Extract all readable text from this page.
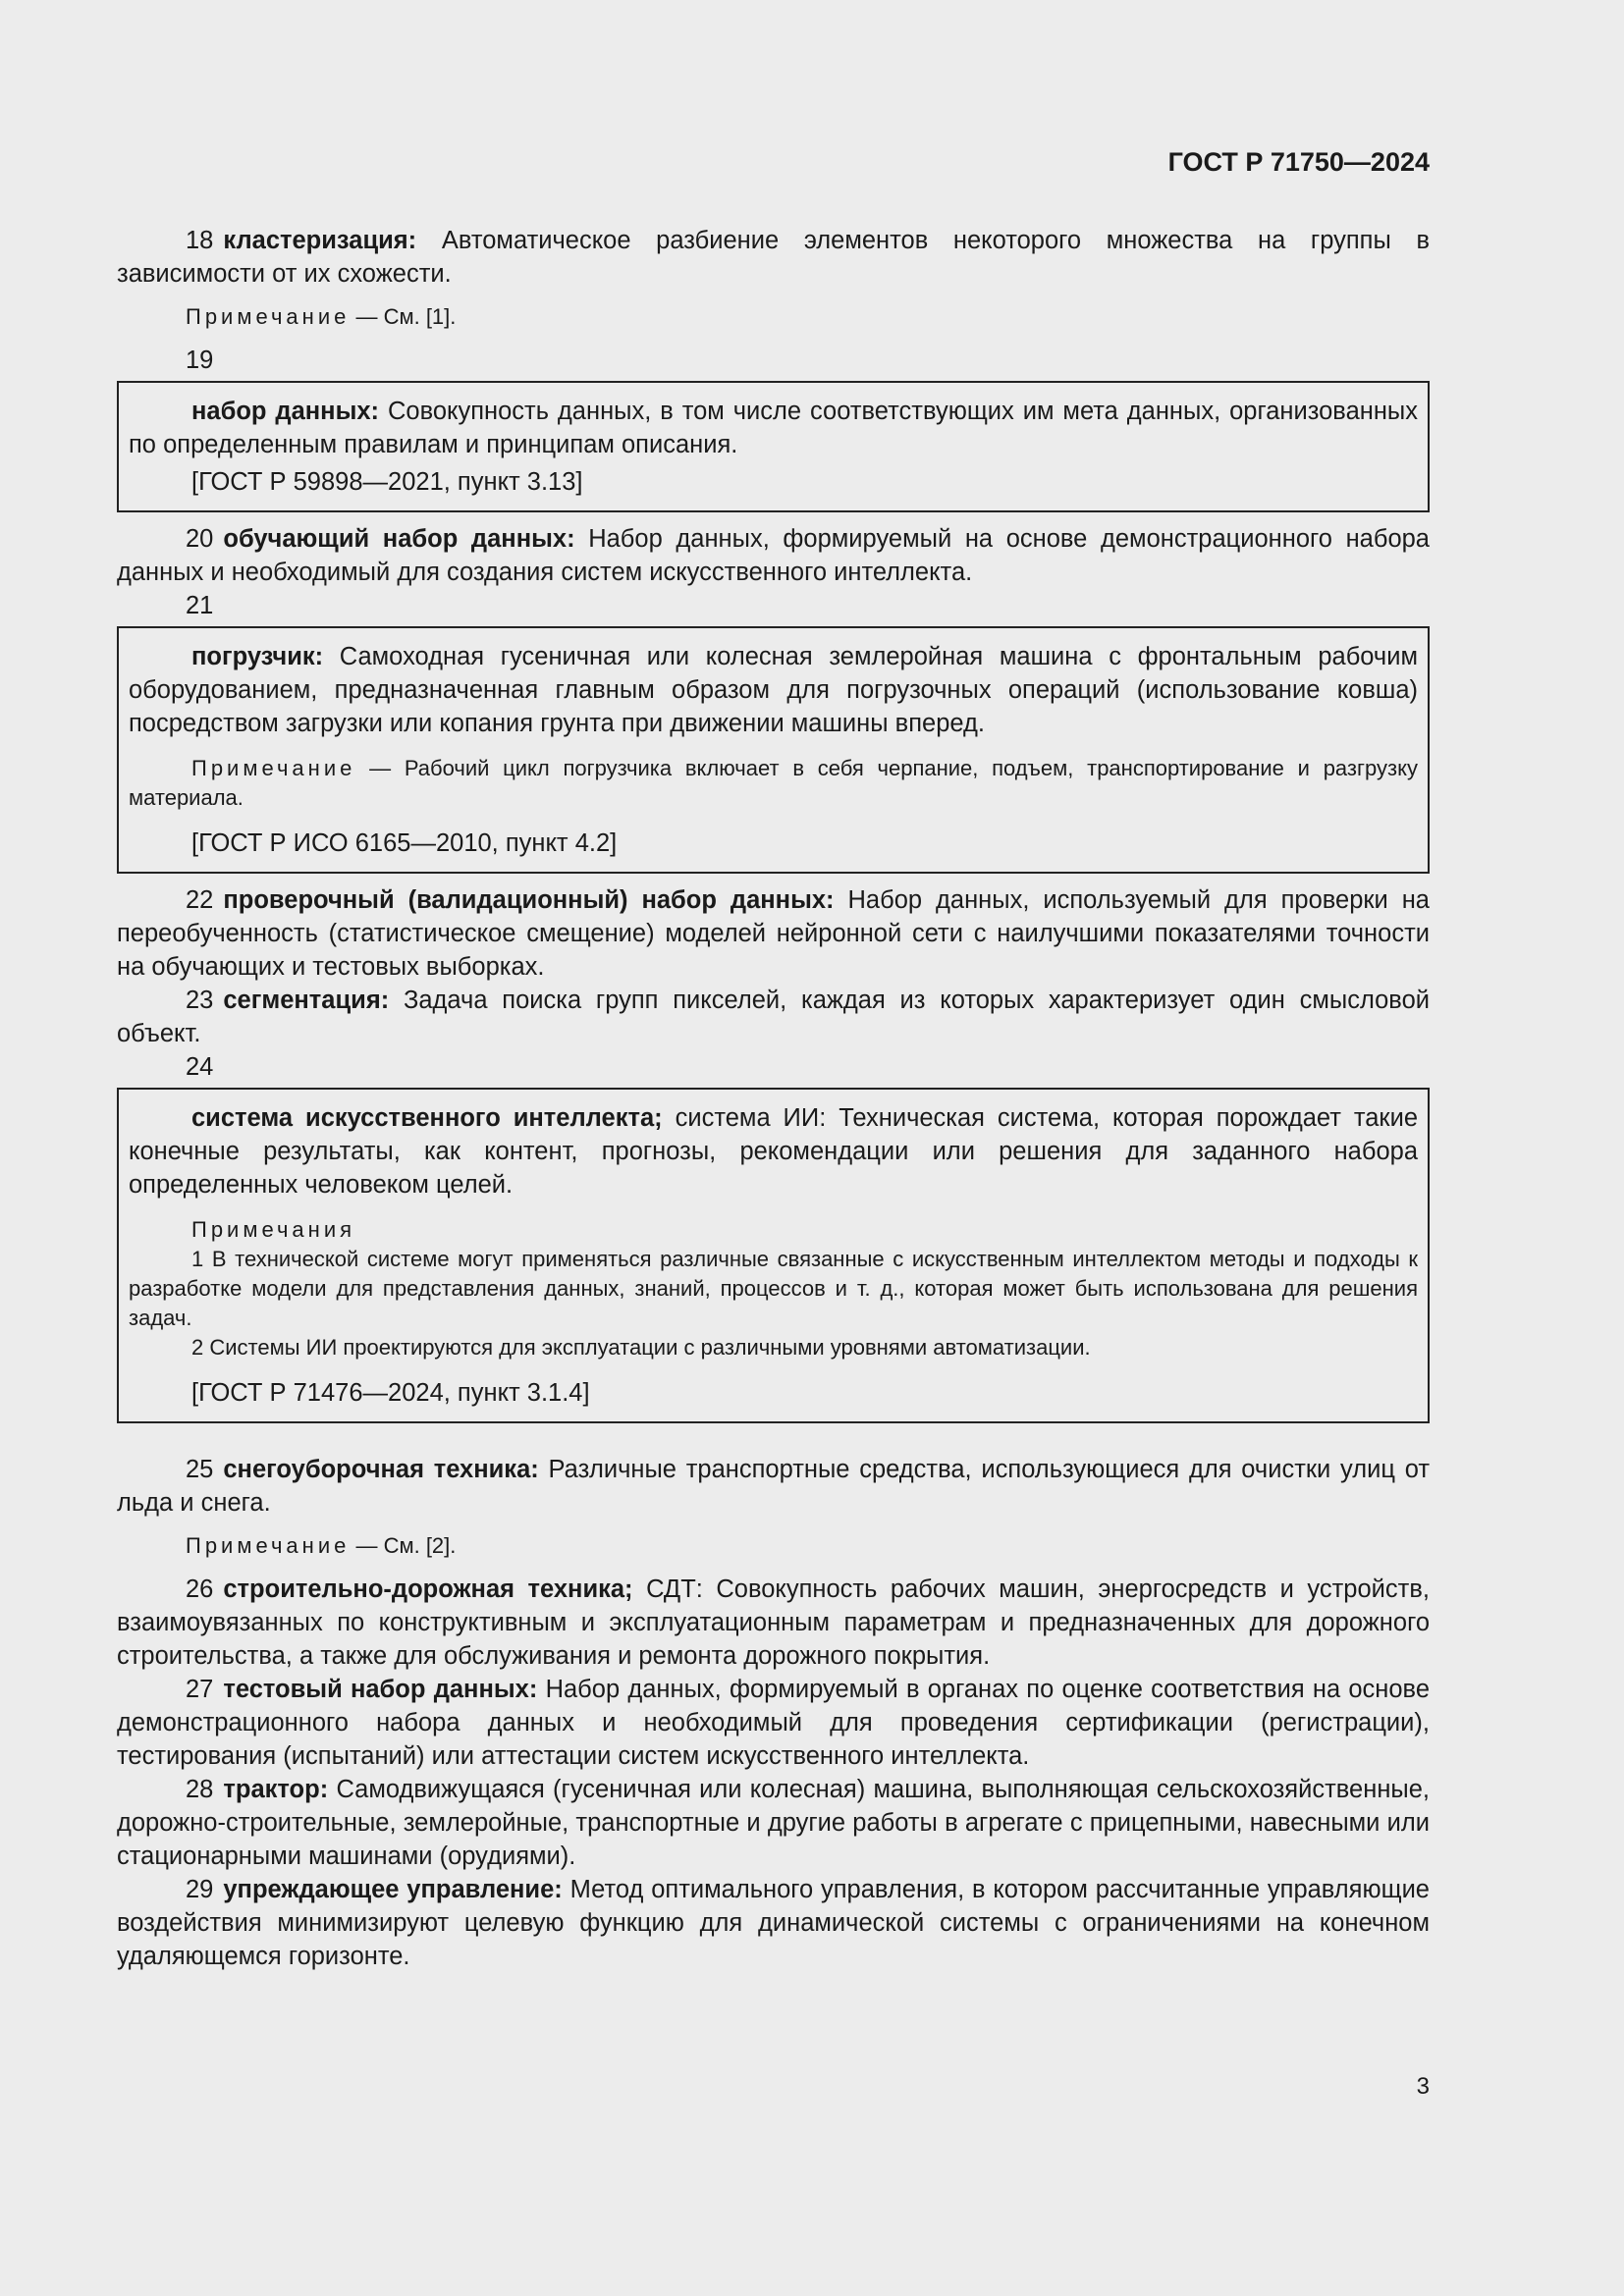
ГОСТ Р 71750—2024

18 кластеризация: Автоматическое разбиение элементов некоторого множества на группы в зависимости от их схожести.

Примечание — См. [1].

19

набор данных: Совокупность данных, в том числе соответствующих им мета данных, организованных по определенным правилам и принципам описания.

[ГОСТ Р 59898—2021, пункт 3.13]

20 обучающий набор данных: Набор данных, формируемый на основе демонстрационного набора данных и необходимый для создания систем искусственного интеллекта.

21

погрузчик: Самоходная гусеничная или колесная землеройная машина с фронтальным рабочим оборудованием, предназначенная главным образом для погрузочных операций (использование ковша) посредством загрузки или копания грунта при движении машины вперед.

Примечание — Рабочий цикл погрузчика включает в себя черпание, подъем, транспортирование и разгрузку материала.

[ГОСТ Р ИСО 6165—2010, пункт 4.2]

22 проверочный (валидационный) набор данных: Набор данных, используемый для проверки на переобученность (статистическое смещение) моделей нейронной сети с наилучшими показателями точности на обучающих и тестовых выборках.

23 сегментация: Задача поиска групп пикселей, каждая из которых характеризует один смысловой объект.

24

система искусственного интеллекта; система ИИ: Техническая система, которая порождает такие конечные результаты, как контент, прогнозы, рекомендации или решения для заданного набора определенных человеком целей.

Примечания

1 В технической системе могут применяться различные связанные с искусственным интеллектом методы и подходы к разработке модели для представления данных, знаний, процессов и т. д., которая может быть использована для решения задач.

2 Системы ИИ проектируются для эксплуатации с различными уровнями автоматизации.

[ГОСТ Р 71476—2024, пункт 3.1.4]

25 снегоуборочная техника: Различные транспортные средства, использующиеся для очистки улиц от льда и снега.

Примечание — См. [2].

26 строительно-дорожная техника; СДТ: Совокупность рабочих машин, энергосредств и устройств, взаимоувязанных по конструктивным и эксплуатационным параметрам и предназначенных для дорожного строительства, а также для обслуживания и ремонта дорожного покрытия.

27 тестовый набор данных: Набор данных, формируемый в органах по оценке соответствия на основе демонстрационного набора данных и необходимый для проведения сертификации (регистрации), тестирования (испытаний) или аттестации систем искусственного интеллекта.

28 трактор: Самодвижущаяся (гусеничная или колесная) машина, выполняющая сельскохозяйственные, дорожно-строительные, землеройные, транспортные и другие работы в агрегате с прицепными, навесными или стационарными машинами (орудиями).

29 упреждающее управление: Метод оптимального управления, в котором рассчитанные управляющие воздействия минимизируют целевую функцию для динамической системы с ограничениями на конечном удаляющемся горизонте.

3
